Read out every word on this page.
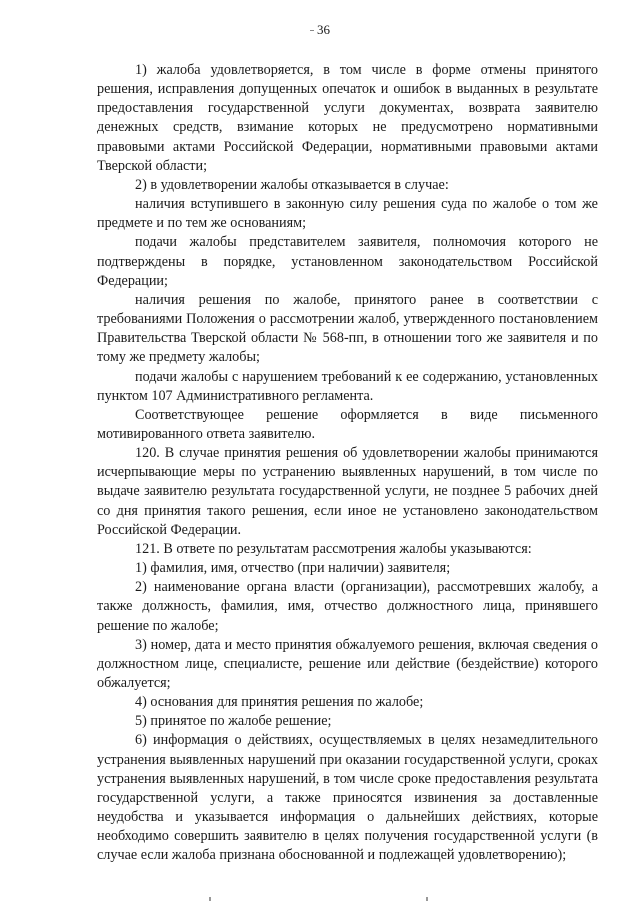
36

1) жалоба удовлетворяется, в том числе в форме отмены принятого решения, исправления допущенных опечаток и ошибок в выданных в результате предоставления государственной услуги документах, возврата заявителю денежных средств, взимание которых не предусмотрено нормативными правовыми актами Российской Федерации, нормативными правовыми актами Тверской области;

2) в удовлетворении жалобы отказывается в случае:

наличия вступившего в законную силу решения суда по жалобе о том же предмете и по тем же основаниям;

подачи жалобы представителем заявителя, полномочия которого не подтверждены в порядке, установленном законодательством Российской Федерации;

наличия решения по жалобе, принятого ранее в соответствии с требованиями Положения о рассмотрении жалоб, утвержденного постановлением Правительства Тверской области № 568-пп, в отношении того же заявителя и по тому же предмету жалобы;

подачи жалобы с нарушением требований к ее содержанию, установленных пунктом 107 Административного регламента.

Соответствующее решение оформляется в виде письменного мотивированного ответа заявителю.

120. В случае принятия решения об удовлетворении жалобы принимаются исчерпывающие меры по устранению выявленных нарушений, в том числе по выдаче заявителю результата государственной услуги, не позднее 5 рабочих дней со дня принятия такого решения, если иное не установлено законодательством Российской Федерации.

121. В ответе по результатам рассмотрения жалобы указываются:

1) фамилия, имя, отчество (при наличии) заявителя;

2) наименование органа власти (организации), рассмотревших жалобу, а также должность, фамилия, имя, отчество должностного лица, принявшего решение по жалобе;

3) номер, дата и место принятия обжалуемого решения, включая сведения о должностном лице, специалисте, решение или действие (бездействие) которого обжалуется;

4) основания для принятия решения по жалобе;

5) принятое по жалобе решение;

6) информация о действиях, осуществляемых в целях незамедлительного устранения выявленных нарушений при оказании государственной услуги, сроках устранения выявленных нарушений, в том числе сроке предоставления результата государственной услуги, а также приносятся извинения за доставленные неудобства и указывается информация о дальнейших действиях, которые необходимо совершить заявителю в целях получения государственной услуги (в случае если жалоба признана обоснованной и подлежащей удовлетворению);
